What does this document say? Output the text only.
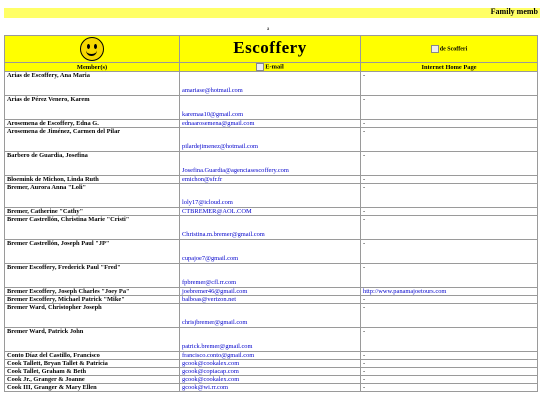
Family memb
a
	Escoffery	de Scofferi
Member(s)	E-mail	Internet Home Page
Arias de Escoffery, Ana Maria	amariase@hotmail.com	-
Arias de Pérez Venero, Karem	karemaa10@gmail.com	-
Arosemena de Escoffery, Edna G.	ednaarosemena@gmail.com	-
Arosemena de Jiménez, Carmen del Pilar	pilardejimenez@hotmail.com	-
Barbero de Guardia, Josefina	Josefina.Guardia@agenciasescoffery.com	-
Bloemink de Michon, Linda Ruth	emichon@sfr.fr	-
Bremer, Aurora Anna "Loli"	loly17@icloud.com	-
Bremer, Catherine "Cathy"	CTBREMER@AOL.COM	-
Bremer Castrellón, Christina Marie "Cristi"	Christina.m.bremer@gmail.com	-
Bremer Castrellón, Joseph Paul "JP"	cupajoe7@gmail.com	-
Bremer Escoffery, Frederick Paul "Fred"	fpbremer@cfl.rr.com	-
Bremer Escoffery, Joseph Charles "Joey Pa"	joebremer46@gmail.com	http://www.panamajoetours.com
Bremer Escoffery, Michael Patrick "Mike"	balboas@verizon.net	-
Bremer Ward, Christopher Joseph	chrisjbremer@gmail.com	-
Bremer Ward, Patrick John	patrick.bremer@gmail.com	-
Conto Díaz del Castillo, Francisco	francisco.conto@gmail.com	-
Cook Tallett, Bryan Tallet & Patricia	gcook@cookalex.com	-
Cook Tallet, Graham & Beth	gcook@copiacap.com	-
Cook Jr., Granger & Joanne	gcook@cookalex.com	-
Cook III, Granger & Mary Ellen	gcook@wi.rr.com	-
